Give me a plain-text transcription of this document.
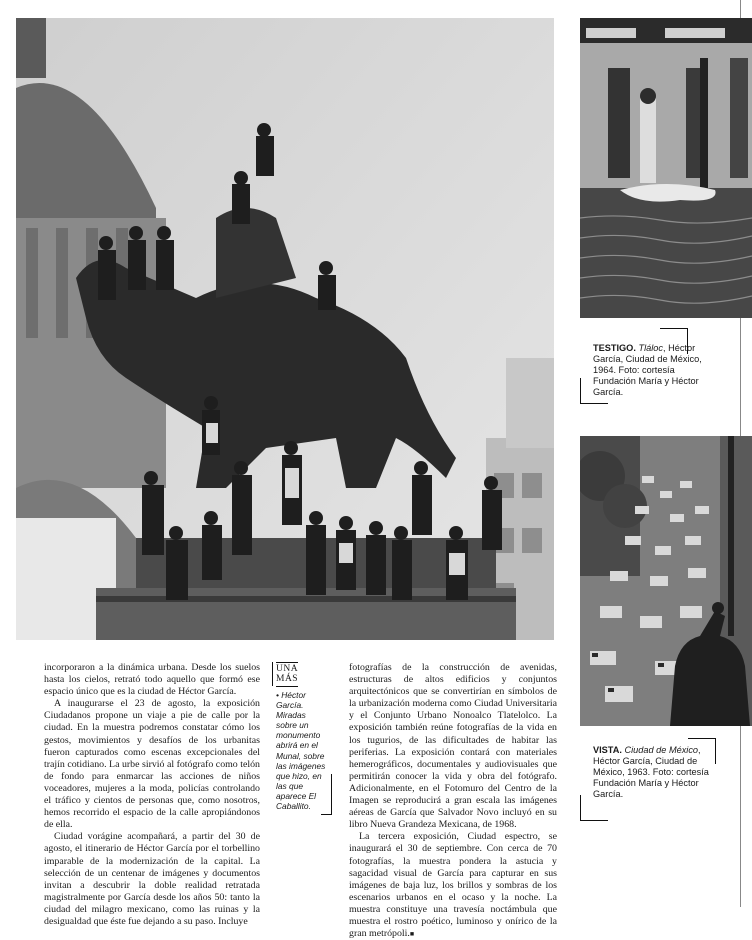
incorporaron a la dinámica urbana. Desde los suelos hasta los cielos, retrató todo aquello que formó ese espacio único que es la ciudad de Héctor García.

A inaugurarse el 23 de agosto, la exposición Ciudadanos propone un viaje a pie de calle por la ciudad. En la muestra podremos constatar cómo los gestos, movimientos y desafíos de los urbanitas fueron capturados como escenas excepcionales del trajín cotidiano. La urbe sirvió al fotógrafo como telón de fondo para enmarcar las acciones de niños voceadores, mujeres a la moda, policías controlando el tráfico y cientos de personas que, como nosotros, hemos recorrido el espacio de la calle apropiándonos de ella.

Ciudad vorágine acompañará, a partir del 30 de agosto, el itinerario de Héctor García por el torbellino imparable de la modernización de la capital. La selección de un centenar de imágenes y documentos invitan a descubrir la doble realidad retratada magistralmente por García desde los años 50: tanto la ciudad del milagro mexicano, como las ruinas y la desigualdad que éste fue dejando a su paso. Incluye

UNA
MÁS
• Héctor García. Miradas sobre un monumento abrirá en el Munal, sobre las imágenes que hizo, en las que aparece El Caballito.

fotografías de la construcción de avenidas, estructuras de altos edificios y conjuntos arquitectónicos que se convertirían en símbolos de la urbanización moderna como Ciudad Universitaria y el Conjunto Urbano Nonoalco Tlatelolco. La exposición también reúne fotografías de la vida en los tugurios, de las dificultades de habitar las periferias. La exposición contará con materiales hemerográficos, documentales y audiovisuales que permitirán conocer la vida y obra del fotógrafo. Adicionalmente, en el Fotomuro del Centro de la Imagen se reproducirá a gran escala las imágenes aéreas de García que Salvador Novo incluyó en su libro Nueva Grandeza Mexicana, de 1968.

La tercera exposición, Ciudad espectro, se inaugurará el 30 de septiembre. Con cerca de 70 fotografías, la muestra pondera la astucia y sagacidad visual de García para capturar en sus imágenes de baja luz, los brillos y sombras de los escenarios urbanos en el ocaso y la noche. La muestra constituye una travesía noctámbula que muestra el rostro poético, luminoso y onírico de la gran metrópoli.■

TESTIGO. Tláloc, Héctor García, Ciudad de México, 1964. Foto: cortesía Fundación María y Héctor García.
VISTA. Ciudad de México, Héctor García, Ciudad de México, 1963. Foto: cortesía Fundación María y Héctor García.
